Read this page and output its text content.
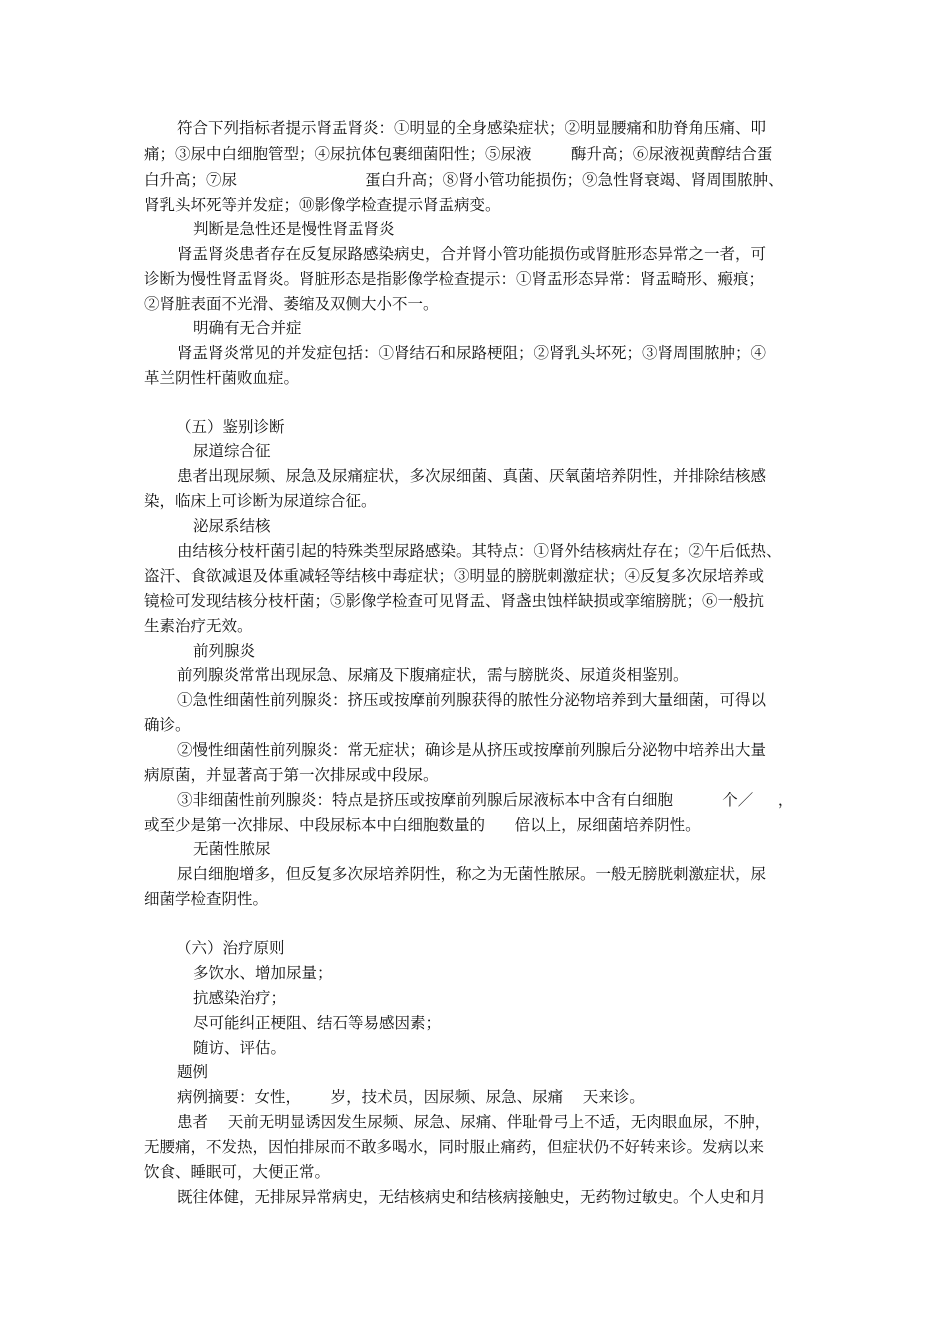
符合下列指标者提示肾盂肾炎：①明显的全身感染症状；②明显腰痛和肋脊角压痛、叩
痛；③尿中白细胞管型；④尿抗体包裹细菌阳性；⑤尿液        酶升高；⑥尿液视黄醇结合蛋
白升高；⑦尿                          蛋白升高；⑧肾小管功能损伤；⑨急性肾衰竭、肾周围脓肿、
肾乳头坏死等并发症；⑩影像学检查提示肾盂病变。
判断是急性还是慢性肾盂肾炎
肾盂肾炎患者存在反复尿路感染病史，合并肾小管功能损伤或肾脏形态异常之一者，可
诊断为慢性肾盂肾炎。肾脏形态是指影像学检查提示：①肾盂形态异常：肾盂畸形、瘢痕；
②肾脏表面不光滑、萎缩及双侧大小不一。
明确有无合并症
肾盂肾炎常见的并发症包括：①肾结石和尿路梗阻；②肾乳头坏死；③肾周围脓肿；④
革兰阴性杆菌败血症。
（五）鉴别诊断
尿道综合征
患者出现尿频、尿急及尿痛症状，多次尿细菌、真菌、厌氧菌培养阴性，并排除结核感
染，临床上可诊断为尿道综合征。
泌尿系结核
由结核分枝杆菌引起的特殊类型尿路感染。其特点：①肾外结核病灶存在；②午后低热、
盗汗、食欲减退及体重减轻等结核中毒症状；③明显的膀胱刺激症状；④反复多次尿培养或
镜检可发现结核分枝杆菌；⑤影像学检查可见肾盂、肾盏虫蚀样缺损或挛缩膀胱；⑥一般抗
生素治疗无效。
前列腺炎
前列腺炎常常出现尿急、尿痛及下腹痛症状，需与膀胱炎、尿道炎相鉴别。
①急性细菌性前列腺炎：挤压或按摩前列腺获得的脓性分泌物培养到大量细菌，可得以
确诊。
②慢性细菌性前列腺炎：常无症状；确诊是从挤压或按摩前列腺后分泌物中培养出大量
病原菌，并显著高于第一次排尿或中段尿。
③非细菌性前列腺炎：特点是挤压或按摩前列腺后尿液标本中含有白细胞          个／     ，
或至少是第一次排尿、中段尿标本中白细胞数量的      倍以上，尿细菌培养阴性。
无菌性脓尿
尿白细胞增多，但反复多次尿培养阴性，称之为无菌性脓尿。一般无膀胱刺激症状，尿
细菌学检查阴性。
（六）治疗原则
多饮水、增加尿量；
抗感染治疗；
尽可能纠正梗阻、结石等易感因素；
随访、评估。
题例
病例摘要：女性，      岁，技术员，因尿频、尿急、尿痛    天来诊。
患者    天前无明显诱因发生尿频、尿急、尿痛、伴耻骨弓上不适，无肉眼血尿，不肿，
无腰痛，不发热，因怕排尿而不敢多喝水，同时服止痛药，但症状仍不好转来诊。发病以来
饮食、睡眠可，大便正常。
既往体健，无排尿异常病史，无结核病史和结核病接触史，无药物过敏史。个人史和月
